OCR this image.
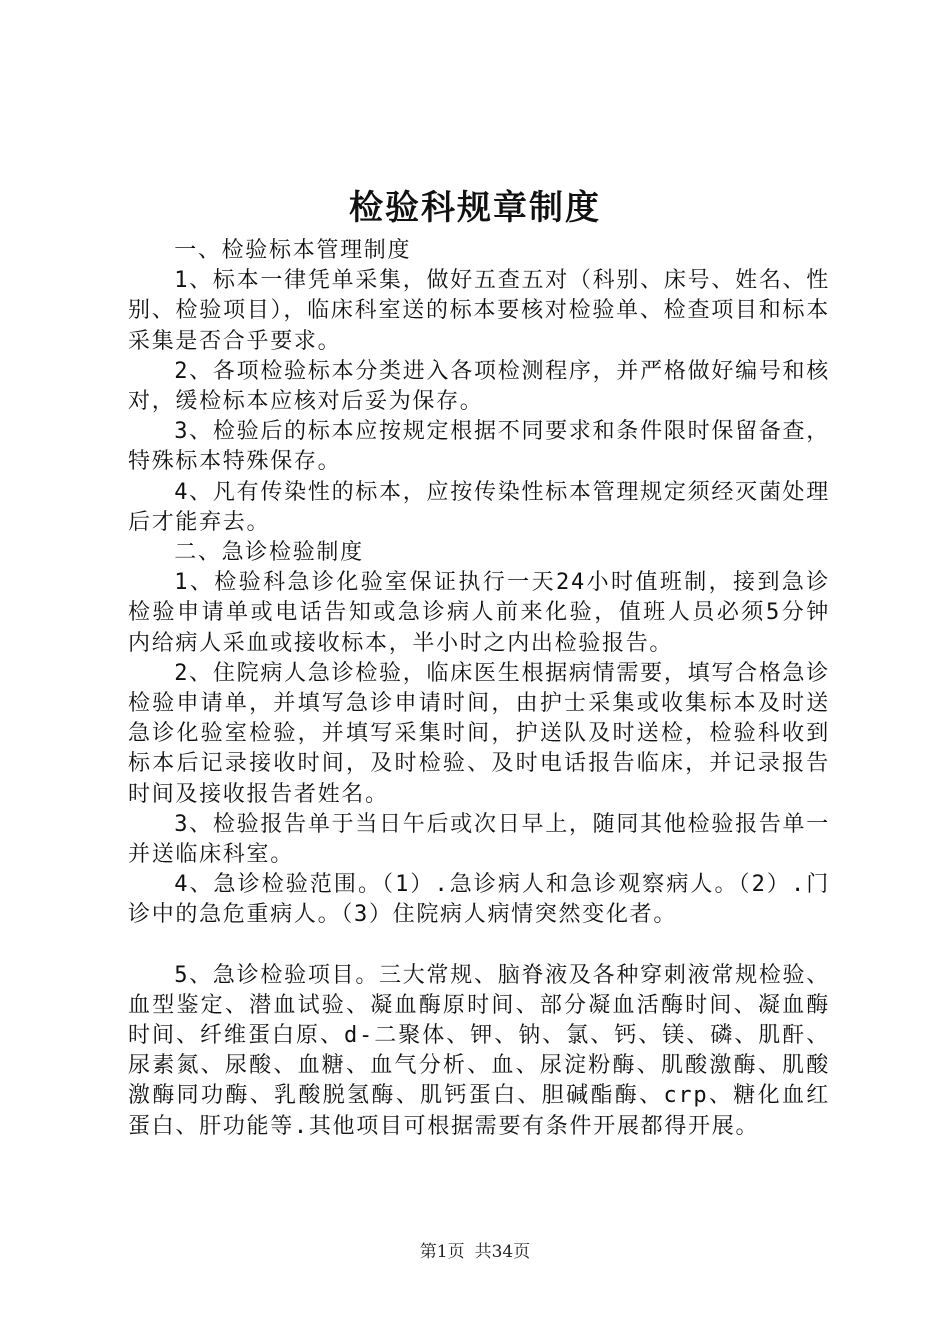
检验科规章制度

一、检验标本管理制度

1、标本一律凭单采集，做好五查五对（科别、床号、姓名、性别、检验项目），临床科室送的标本要核对检验单、检查项目和标本采集是否合乎要求。

2、各项检验标本分类进入各项检测程序，并严格做好编号和核对，缓检标本应核对后妥为保存。

3、检验后的标本应按规定根据不同要求和条件限时保留备查，特殊标本特殊保存。

4、凡有传染性的标本，应按传染性标本管理规定须经灭菌处理后才能弃去。

二、急诊检验制度

1、检验科急诊化验室保证执行一天24小时值班制，接到急诊检验申请单或电话告知或急诊病人前来化验，值班人员必须5分钟内给病人采血或接收标本，半小时之内出检验报告。

2、住院病人急诊检验，临床医生根据病情需要，填写合格急诊检验申请单，并填写急诊申请时间，由护士采集或收集标本及时送急诊化验室检验，并填写采集时间，护送队及时送检，检验科收到标本后记录接收时间，及时检验、及时电话报告临床，并记录报告时间及接收报告者姓名。

3、检验报告单于当日午后或次日早上，随同其他检验报告单一并送临床科室。

4、急诊检验范围。（1）.急诊病人和急诊观察病人。（2）.门诊中的急危重病人。（3）住院病人病情突然变化者。

5、急诊检验项目。三大常规、脑脊液及各种穿刺液常规检验、血型鉴定、潜血试验、凝血酶原时间、部分凝血活酶时间、凝血酶时间、纤维蛋白原、d-二聚体、钾、钠、氯、钙、镁、磷、肌酐、尿素氮、尿酸、血糖、血气分析、血、尿淀粉酶、肌酸激酶、肌酸激酶同功酶、乳酸脱氢酶、肌钙蛋白、胆碱酯酶、crp、糖化血红蛋白、肝功能等.其他项目可根据需要有条件开展都得开展。

第1页 共34页
